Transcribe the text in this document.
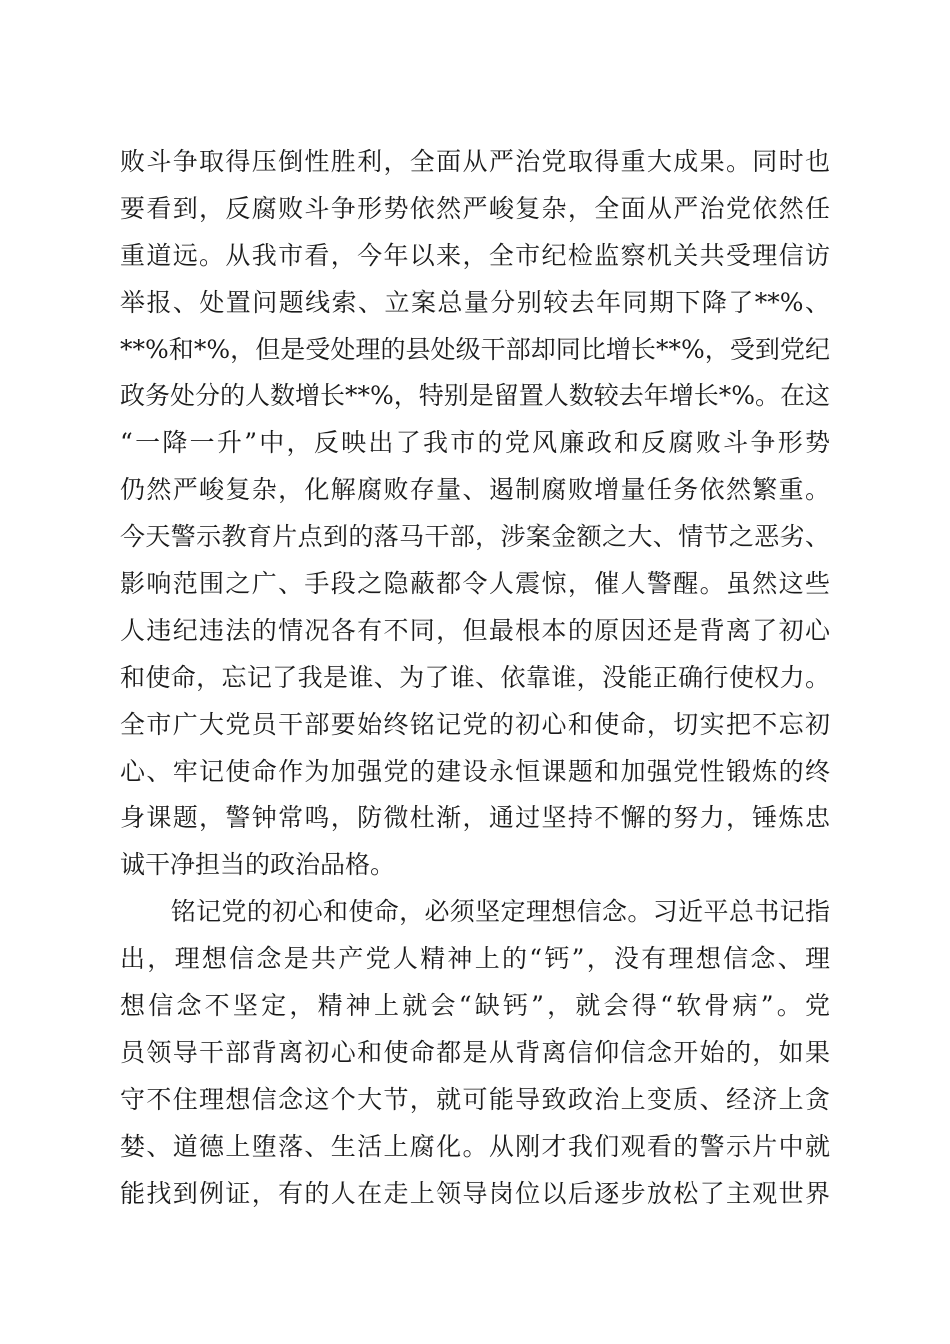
败斗争取得压倒性胜利，全面从严治党取得重大成果。同时也
要看到，反腐败斗争形势依然严峻复杂，全面从严治党依然任
重道远。从我市看，今年以来，全市纪检监察机关共受理信访
举报、处置问题线索、立案总量分别较去年同期下降了**%、
**%和*%，但是受处理的县处级干部却同比增长**%，受到党纪
政务处分的人数增长**%，特别是留置人数较去年增长*%。在这
“一降一升”中，反映出了我市的党风廉政和反腐败斗争形势
仍然严峻复杂，化解腐败存量、遏制腐败增量任务依然繁重。
今天警示教育片点到的落马干部，涉案金额之大、情节之恶劣、
影响范围之广、手段之隐蔽都令人震惊，催人警醒。虽然这些
人违纪违法的情况各有不同，但最根本的原因还是背离了初心
和使命，忘记了我是谁、为了谁、依靠谁，没能正确行使权力。
全市广大党员干部要始终铭记党的初心和使命，切实把不忘初
心、牢记使命作为加强党的建设永恒课题和加强党性锻炼的终
身课题，警钟常鸣，防微杜渐，通过坚持不懈的努力，锤炼忠
诚干净担当的政治品格。
　　铭记党的初心和使命，必须坚定理想信念。习近平总书记指
出，理想信念是共产党人精神上的“钙”，没有理想信念、理
想信念不坚定，精神上就会“缺钙”，就会得“软骨病”。党
员领导干部背离初心和使命都是从背离信仰信念开始的，如果
守不住理想信念这个大节，就可能导致政治上变质、经济上贪
婪、道德上堕落、生活上腐化。从刚才我们观看的警示片中就
能找到例证，有的人在走上领导岗位以后逐步放松了主观世界
